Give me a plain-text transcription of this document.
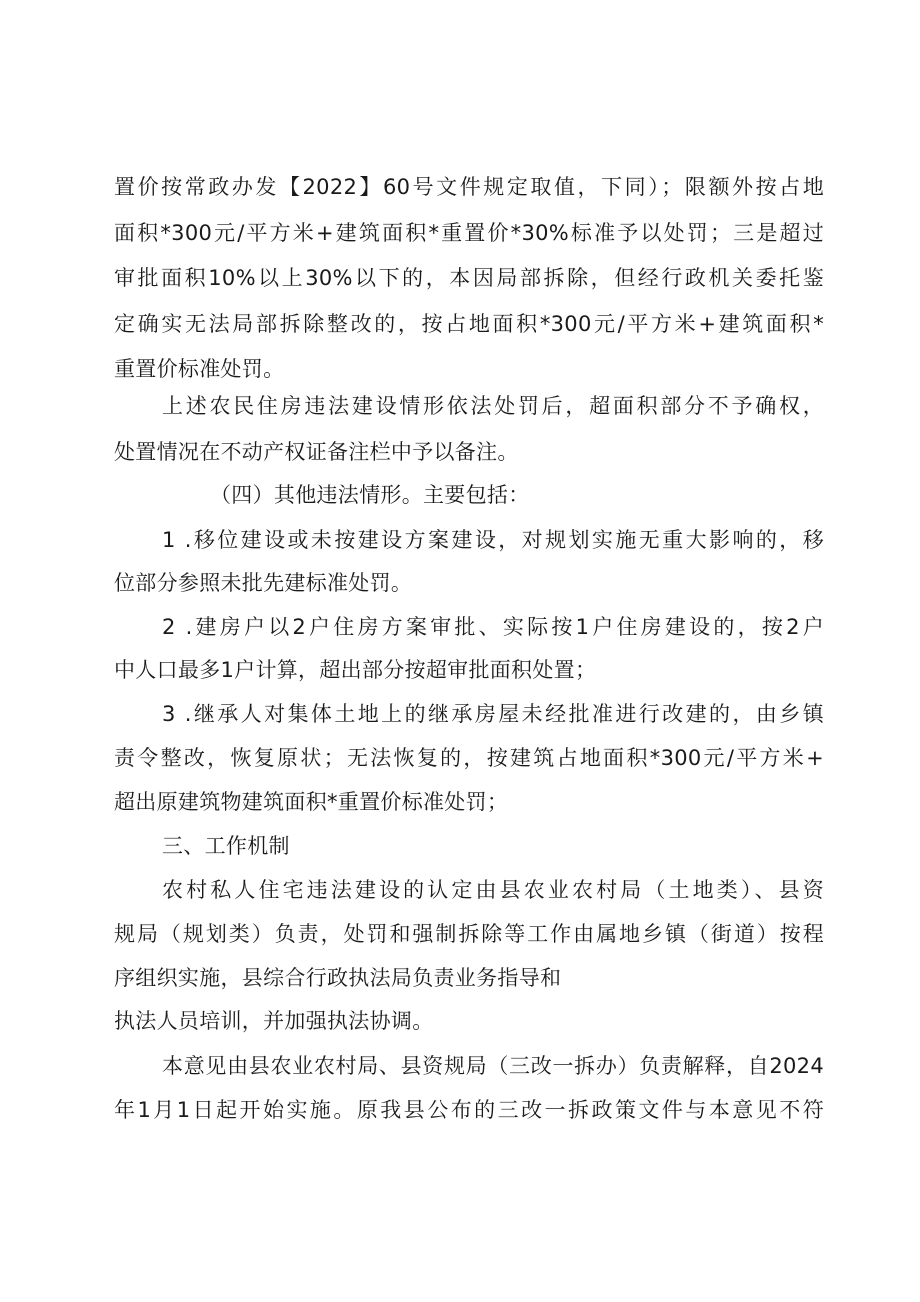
置价按常政办发【2022】60号文件规定取值，下同）；限额外按占地

面积*300元/平方米+建筑面积*重置价*30%标准予以处罚；三是超过

审批面积10%以上30%以下的，本因局部拆除，但经行政机关委托鉴

定确实无法局部拆除整改的，按占地面积*300元/平方米+建筑面积*

重置价标准处罚。

上述农民住房违法建设情形依法处罚后，超面积部分不予确权，

处置情况在不动产权证备注栏中予以备注。

（四）其他违法情形。主要包括：

1 .移位建设或未按建设方案建设，对规划实施无重大影响的，移

位部分参照未批先建标准处罚。

2 .建房户以2户住房方案审批、实际按1户住房建设的，按2户

中人口最多1户计算，超出部分按超审批面积处置；

3 .继承人对集体土地上的继承房屋未经批准进行改建的，由乡镇

责令整改，恢复原状；无法恢复的，按建筑占地面积*300元/平方米+

超出原建筑物建筑面积*重置价标准处罚；

三、工作机制

农村私人住宅违法建设的认定由县农业农村局（土地类）、县资

规局（规划类）负责，处罚和强制拆除等工作由属地乡镇（街道）按程

序组织实施，县综合行政执法局负责业务指导和

执法人员培训，并加强执法协调。

本意见由县农业农村局、县资规局（三改一拆办）负责解释，自2024

年1月1日起开始实施。原我县公布的三改一拆政策文件与本意见不符
